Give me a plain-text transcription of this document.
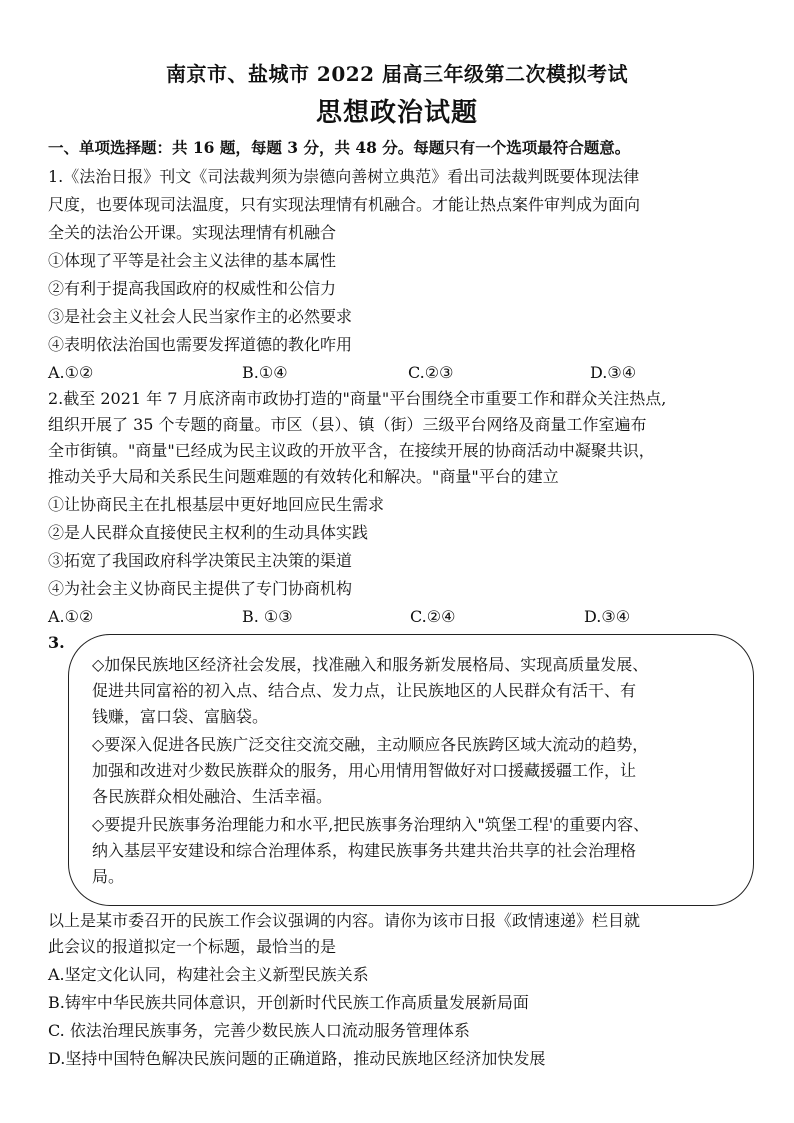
南京市、盐城市 2022 届高三年级第二次模拟考试
思想政治试题
一、单项选择题：共 16 题，每题 3 分，共 48 分。每题只有一个选项最符合题意。
1.《法治日报》刊文《司法裁判须为崇德向善树立典范》看出司法裁判既要体现法律
尺度，也要体现司法温度，只有实现法理情有机融合。才能让热点案件审判成为面向
全关的法治公开课。实现法理情有机融合
①体现了平等是社会主义法律的基本属性
②有利于提高我国政府的权威性和公信力
③是社会主义社会人民当家作主的必然要求
④表明依法治国也需要发挥道德的教化咋用
A.①②	B.①④	C.②③	D.③④
2.截至 2021 年 7 月底济南市政协打造的"商量"平台围绕全市重要工作和群众关注热点,
组织开展了 35 个专题的商量。市区（县）、镇（街）三级平台网络及商量工作室遍布
全市街镇。"商量"已经成为民主议政的开放平含，在接续开展的协商活动中凝聚共识，
推动关乎大局和关系民生问题难题的有效转化和解决。"商量"平台的建立
①让协商民主在扎根基层中更好地回应民生需求
②是人民群众直接使民主权利的生动具体实践
③拓宽了我国政府科学决策民主决策的渠道
④为社会主义协商民主提供了专门协商机构
A.①②	B. ①③	C.②④	D.③④
3.
◇加保民族地区经济社会发展，找准融入和服务新发展格局、实现高质量发展、
促进共同富裕的初入点、结合点、发力点，让民族地区的人民群众有活干、有
钱赚，富口袋、富脑袋。
◇要深入促进各民族广泛交往交流交融，主动顺应各民族跨区域大流动的趋势，
加强和改进对少数民族群众的服务，用心用情用智做好对口援藏援疆工作，让
各民族群众相处融洽、生活幸福。
◇要提升民族事务治理能力和水平,把民族事务治理纳入"筑堡工程'的重要内容、
纳入基层平安建设和综合治理体系，构建民族事务共建共治共享的社会治理格
局。
以上是某市委召开的民族工作会议强调的内容。请你为该市日报《政情速递》栏目就
此会议的报道拟定一个标题，最恰当的是
A.坚定文化认同，构建社会主义新型民族关系
B.铸牢中华民族共同体意识，开创新时代民族工作高质量发展新局面
C. 依法治理民族事务，完善少数民族人口流动服务管理体系
D.坚持中国特色解决民族问题的正确道路，推动民族地区经济加快发展
